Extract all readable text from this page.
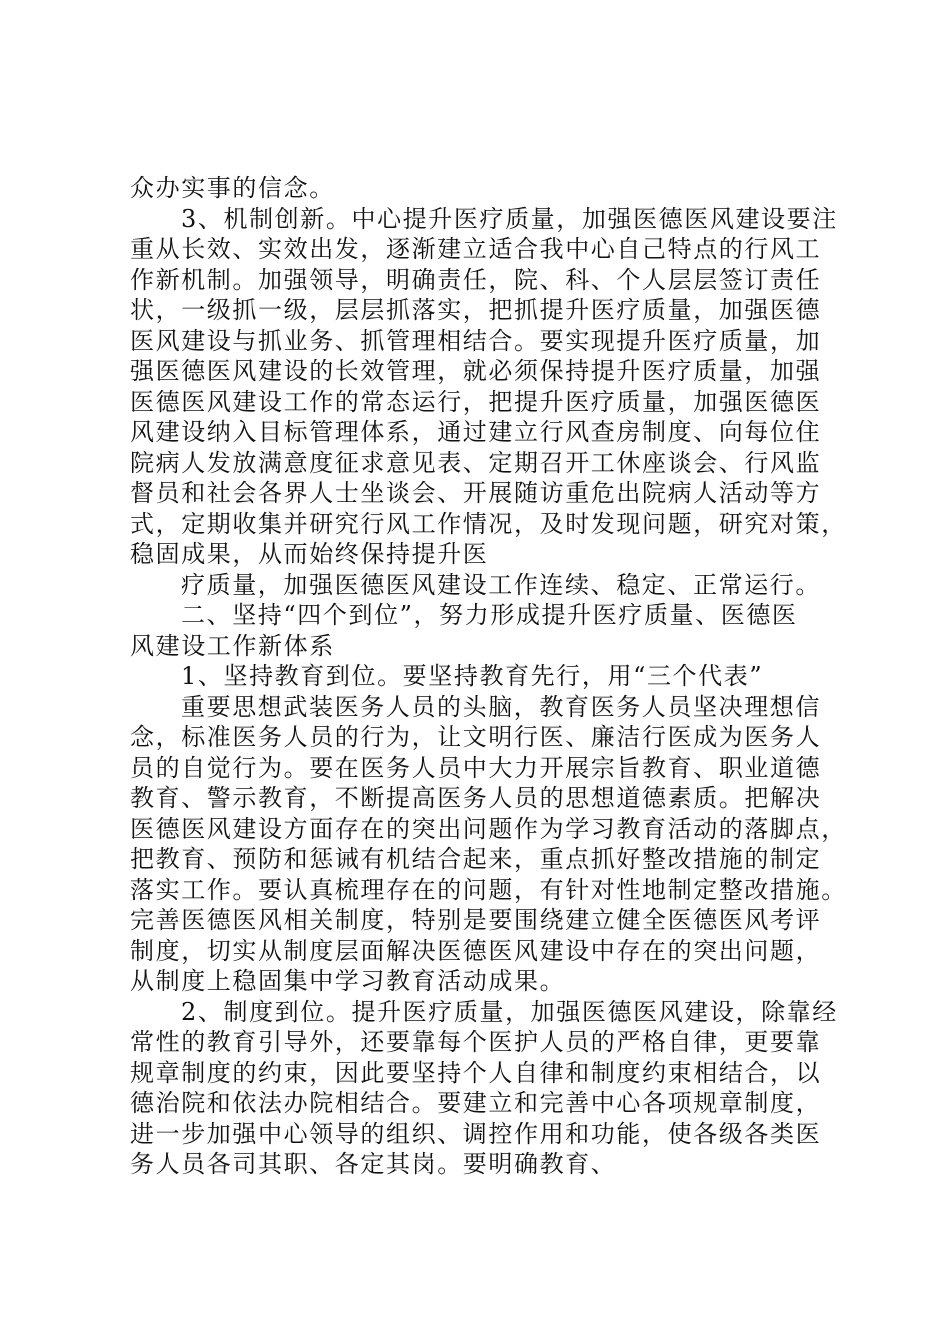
众办实事的信念。
3、机制创新。中心提升医疗质量，加强医德医风建设要注
重从长效、实效出发，逐渐建立适合我中心自己特点的行风工
作新机制。加强领导，明确责任，院、科、个人层层签订责任
状，一级抓一级，层层抓落实，把抓提升医疗质量，加强医德
医风建设与抓业务、抓管理相结合。要实现提升医疗质量，加
强医德医风建设的长效管理，就必须保持提升医疗质量，加强
医德医风建设工作的常态运行，把提升医疗质量，加强医德医
风建设纳入目标管理体系，通过建立行风查房制度、向每位住
院病人发放满意度征求意见表、定期召开工休座谈会、行风监
督员和社会各界人士坐谈会、开展随访重危出院病人活动等方
式，定期收集并研究行风工作情况，及时发现问题，研究对策，
稳固成果，从而始终保持提升医
疗质量，加强医德医风建设工作连续、稳定、正常运行。
二、坚持“四个到位”，努力形成提升医疗质量、医德医
风建设工作新体系
1、坚持教育到位。要坚持教育先行，用“三个代表”
重要思想武装医务人员的头脑，教育医务人员坚决理想信
念，标准医务人员的行为，让文明行医、廉洁行医成为医务人
员的自觉行为。要在医务人员中大力开展宗旨教育、职业道德
教育、警示教育，不断提高医务人员的思想道德素质。把解决
医德医风建设方面存在的突出问题作为学习教育活动的落脚点，
把教育、预防和惩诫有机结合起来，重点抓好整改措施的制定
落实工作。要认真梳理存在的问题，有针对性地制定整改措施。
完善医德医风相关制度，特别是要围绕建立健全医德医风考评
制度，切实从制度层面解决医德医风建设中存在的突出问题，
从制度上稳固集中学习教育活动成果。
2、制度到位。提升医疗质量，加强医德医风建设，除靠经
常性的教育引导外，还要靠每个医护人员的严格自律，更要靠
规章制度的约束，因此要坚持个人自律和制度约束相结合，以
德治院和依法办院相结合。要建立和完善中心各项规章制度，
进一步加强中心领导的组织、调控作用和功能，使各级各类医
务人员各司其职、各定其岗。要明确教育、
